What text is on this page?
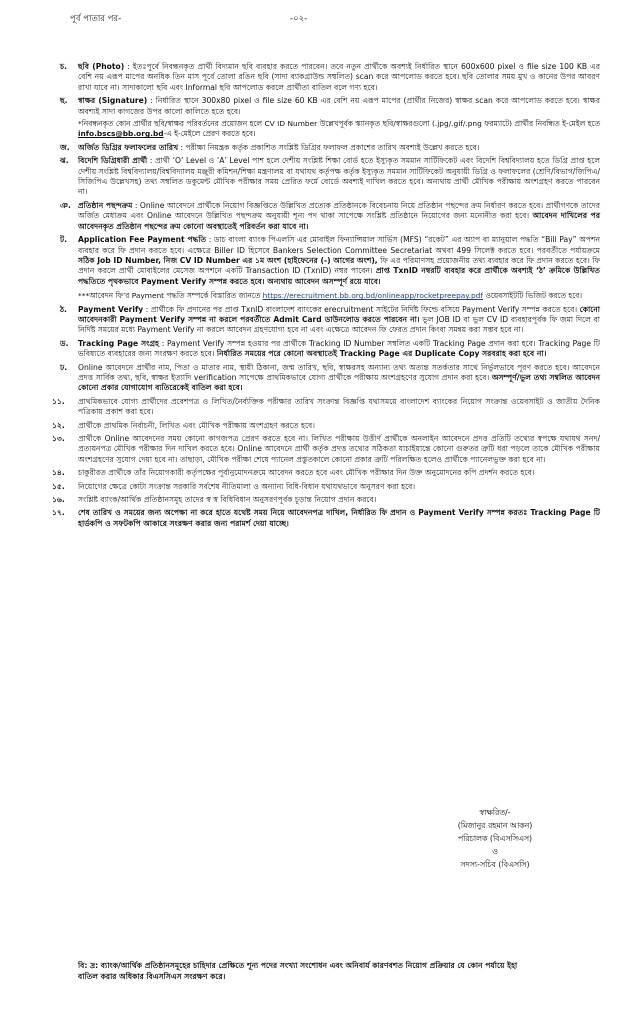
পূর্ব পাতার পর-	-০২-
চ. ছবি (Photo) : ইতঃপূর্বে নিবন্ধনকৃত প্রার্থী বিদ্যমান ছবি ব্যবহার করতে পারবেন। তবে নতুন প্রার্থীকে অবশ্যই নির্ধারিত স্থানে 600x600 pixel ও file size 100 KB এর বেশি নয় এরূপ মাপের অনধিক তিন মাস পূর্বে তোলা রঙিন ছবি (সাদা ব্যাকগ্রাউন্ড সম্বলিত) scan করে আপলোড করতে হবে। ছবি তোলার সময় মুখ ও কানের উপর আবরণ রাখা যাবে না। সাদাকালো ছবি এবং Informal ছবি আপলোড করলে প্রার্থীতা বাতিল বলে গণ্য হবে।
ছ. স্বাক্ষর (Signature) : নির্ধারিত স্থানে 300x80 pixel ও file size 60 KB এর বেশি নয় এরূপ মাপের (প্রার্থীর নিজের) স্বাক্ষর scan করে আপলোড করতে হবে। স্বাক্ষর অবশ্যই সাদা কাগজের উপর কালো কালিতে হতে হবে।
*নিবন্ধনকৃত কোন প্রার্থীর ছবি/স্বাক্ষর পরিবর্তনের প্রয়োজন হলে CV ID Number উল্লেখপূর্বক স্ক্যানকৃত ছবি/স্বাক্ষরগুলো (.jpg/.gif/.png ফরম্যাটে) প্রার্থীর নিবন্ধিত ই-মেইল হতে info.bscs@bb.org.bd-এ ই-মেইলে প্রেরণ করতে হবে।
জ. অর্জিত ডিগ্রির ফলাফলের তারিখ : পরীক্ষা নিয়ন্ত্রক কর্তৃক প্রকাশিত সংশ্লিষ্ট ডিগ্রির ফলাফল প্রকাশের তারিখ অবশ্যই উল্লেখ করতে হবে।
ঝ. বিদেশি ডিগ্রিধারী প্রার্থী : প্রার্থী ‘O’ Level ও ‘A’ Level পাশ হলে দেশীয় সংশ্লিষ্ট শিক্ষা বোর্ড হতে ইস্যুকৃত সমমান সার্টিফিকেট এবং বিদেশি বিশ্ববিদ্যালয় হতে ডিগ্রি প্রাপ্ত হলে দেশীয় সংশ্লিষ্ট বিশ্ববিদ্যালয়/বিশ্ববিদ্যালয় মঞ্জুরী কমিশন/শিক্ষা মন্ত্রণালয় বা যথাযথ কর্তৃপক্ষ কর্তৃক ইস্যুকৃত সমমান সার্টিফিকেট অনুযায়ী ডিগ্রি ও ফলাফলের (শ্রেণি/বিভাগ/জিপিএ/সিজিপিএ উল্লেখসহ) তথ্য সম্বলিত ডকুমেন্ট মৌখিক পরীক্ষার সময় প্রেরিত ফর্মে বোর্ডে অবশ্যই দাখিল করতে হবে। অন্যথায় প্রার্থী মৌখিক পরীক্ষায় অংশগ্রহণ করতে পারবেন না।
ঞ. প্রতিষ্ঠান পছন্দক্রম : Online আবেদনে প্রার্থীকে নিয়োগ বিজ্ঞপ্তিতে উল্লিখিত প্রত্যেক প্রতিষ্ঠানকে বিবেচনায় নিয়ে প্রতিষ্ঠান পছন্দের ক্রম নির্ধারণ করতে হবে। প্রার্থীগণকে তাদের অর্জিত মেধাক্রম এবং Online আবেদনে উল্লিখিত পছন্দক্রম অনুযায়ী শূন্য পদ থাকা সাপেক্ষে সংশ্লিষ্ট প্রতিষ্ঠানে নিয়োগের জন্য মনোনীত করা হবে। আবেদন দাখিলের পর আবেদনকৃত প্রতিষ্ঠান পছন্দের ক্রম কোনো অবস্থাতেই পরিবর্তন করা যাবে না।
ট. Application Fee Payment পদ্ধতি : ডাচ বাংলা ব্যাংক পিএলসি এর মোবাইল ফিন্যান্সিয়াল সার্ভিস (MFS) “রকেট” এর অ্যাপ বা ম্যানুয়াল পদ্ধতি “Bill Pay” অপশন ব্যবহার করে ফি প্রদান করতে হবে। এক্ষেত্রে Biller ID হিসেবে Bankers Selection Committee Secretariat অথবা 499 সিলেক্ট করতে হবে। পরবর্তীতে পর্যায়ক্রমে সঠিক Job ID Number, নিজ CV ID Number এর ১ম অংশ (হাইফেনের (-) আগের অংশ), ফি এর পরিমাণসহ প্রয়োজনীয় তথ্য ব্যবহার করে ফি প্রদান করতে হবে। ফি প্রদান করলে প্রার্থী মোবাইলের মেসেজ অপশনে একটি Transaction ID (TxnID) নম্বর পাবেন। প্রাপ্ত TxnID নম্বরটি ব্যবহার করে প্রার্থীকে অবশ্যই ‘ঠ’ ক্রমিকে উল্লিখিত পদ্ধতিতে পৃথকভাবে Payment Verify সম্পন্ন করতে হবে। অন্যথায় আবেদন অসম্পূর্ণ রয়ে যাবে।
***আবেদন ফি’র Payment পদ্ধতি সম্পর্কে বিস্তারিত জানতে https://erecruitment.bb.org.bd/onlineapp/rocketpreepay.pdf ওয়েবসাইটটি ভিজিট করতে হবে।
ঠ. Payment Verify : প্রার্থীকে ফি প্রদানের পর প্রাপ্ত TxnID বাংলাদেশ ব্যাংকের erecruitment সাইটের নির্দিষ্ট ফিল্ডে বসিয়ে Payment Verify সম্পন্ন করতে হবে। কোনো আবেদনকারী Payment Verify সম্পন্ন না করলে পরবর্তীতে Admit Card ডাউনলোড করতে পারবেন না। ভুল JOB ID বা ভুল CV ID ব্যবহারপূর্বক ফি জমা দিলে বা নির্দিষ্ট সময়ের মধ্যে Payment Verify না করলে আবেদন গ্রহণযোগ্য হবে না এবং এক্ষেত্রে আবেদন ফি ফেরত প্রদান কিংবা সমন্বয় করা সম্ভব হবে না।
ড. Tracking Page সংগ্রহ : Payment Verify সম্পন্ন হওয়ার পর প্রার্থীকে Tracking ID Number সম্বলিত একটি Tracking Page প্রদান করা হবে। Tracking Page টি ভবিষ্যতে ব্যবহারের জন্য সংরক্ষণ করতে হবে। নির্ধারিত সময়ের পরে কোনো অবস্থাতেই Tracking Page এর Duplicate Copy সরবরাহ করা হবে না।
ঢ. Online আবেদনে প্রার্থীর নাম, পিতা ও মাতার নাম, স্থায়ী ঠিকানা, জন্ম তারিখ, ছবি, স্বাক্ষরসহ অন্যান্য তথ্য অত্যন্ত সতর্কতার সাথে নির্ভুলভাবে পূরণ করতে হবে। আবেদনে প্রদত্ত সার্বিক তথ্য, ছবি, স্বাক্ষর ইত্যাদি verification সাপেক্ষে প্রাথমিকভাবে যোগ্য প্রার্থীকে পরীক্ষায় অংশগ্রহণের সুযোগ প্রদান করা হবে। অসম্পূর্ণ/ভুল তথ্য সম্বলিত আবেদন কোনো প্রকার যোগাযোগ ব্যতিরেকেই বাতিল করা হবে।
১১. প্রাথমিকভাবে যোগ্য প্রার্থীদের প্রবেশপত্র ও লিখিত/নৈর্ব্যক্তিক পরীক্ষার তারিখ সংক্রান্ত বিজ্ঞপ্তি যথাসময়ে বাংলাদেশ ব্যাংকের নিয়োগ সংক্রান্ত ওয়েবসাইট ও জাতীয় দৈনিক পত্রিকায় প্রকাশ করা হবে।
১২. প্রার্থীকে প্রাথমিক নির্বাচনী, লিখিত এবং মৌখিক পরীক্ষায় অংশগ্রহণ করতে হবে।
১৩. প্রার্থীকে Online আবেদনের সময় কোনো কাগজপত্র প্রেরণ করতে হবে না। লিখিত পরীক্ষায় উত্তীর্ণ প্রার্থীকে অনলাইন আবেদনে প্রদত্ত প্রতিটি তথ্যের স্বপক্ষে যথাযথ সনদ/প্রত্যয়নপত্র মৌখিক পরীক্ষার দিন দাখিল করতে হবে। Online আবেদনে প্রার্থী কর্তৃক প্রদত্ত তথ্যের সঠিকতা যাচাইয়ান্তে কোনো গুরুতর ত্রুটি ধরা পড়লে তাকে মৌখিক পরীক্ষায় অংশগ্রহণের সুযোগ দেয়া হবে না। তাছাড়া, মৌখিক পরীক্ষা শেষে প্যানেল প্রস্তুতকালে কোনো প্রকার ত্রুটি পরিলক্ষিত হলেও প্রার্থীকে প্যানেলভুক্ত করা হবে না।
১৪. চাকুরীরত প্রার্থীকে তাঁর নিয়োগকারী কর্তৃপক্ষের পূর্বানুমোদনক্রমে আবেদন করতে হবে এবং মৌখিক পরীক্ষার দিন উক্ত অনুমোদনের কপি প্রদর্শন করতে হবে।
১৫. নিয়োগের ক্ষেত্রে কোটা সংক্রান্ত সরকারি সর্বশেষ নীতিমালা ও অন্যান্য বিধি-বিধান যথাযথভাবে অনুসরণ করা হবে।
১৬. সংশ্লিষ্ট ব্যাংক/আর্থিক প্রতিষ্ঠানসমূহ তাদের স্ব স্ব বিধিবিধান অনুসরণপূর্বক চূড়ান্ত নিয়োগ প্রদান করবে।
১৭. শেষ তারিখ ও সময়ের জন্য অপেক্ষা না করে হাতে যথেষ্ট সময় নিয়ে আবেদনপত্র দাখিল, নির্ধারিত ফি প্রদান ও Payment Verify সম্পন্ন করতঃ Tracking Page টি হার্ডকপি ও সফটকপি আকারে সংরক্ষণ করার জন্য পরামর্শ দেয়া যাচ্ছে।
স্বাক্ষরিত/-
(মিজানুর রহমান আকন)
পরিচালক (বিএসসিএস)
ও
সদস্য-সচিব (বিএসসি)
বি: দ্র: ব্যাংক/আর্থিক প্রতিষ্ঠানসমূহের চাহিদার প্রেক্ষিতে শূন্য পদের সংখ্যা সংশোধন এবং অনিবার্য কারণবশত নিয়োগ প্রক্রিয়ার যে কোন পর্যায়ে ইহা বাতিল করার অধিকার বিএসসিএস সংরক্ষণ করে।
